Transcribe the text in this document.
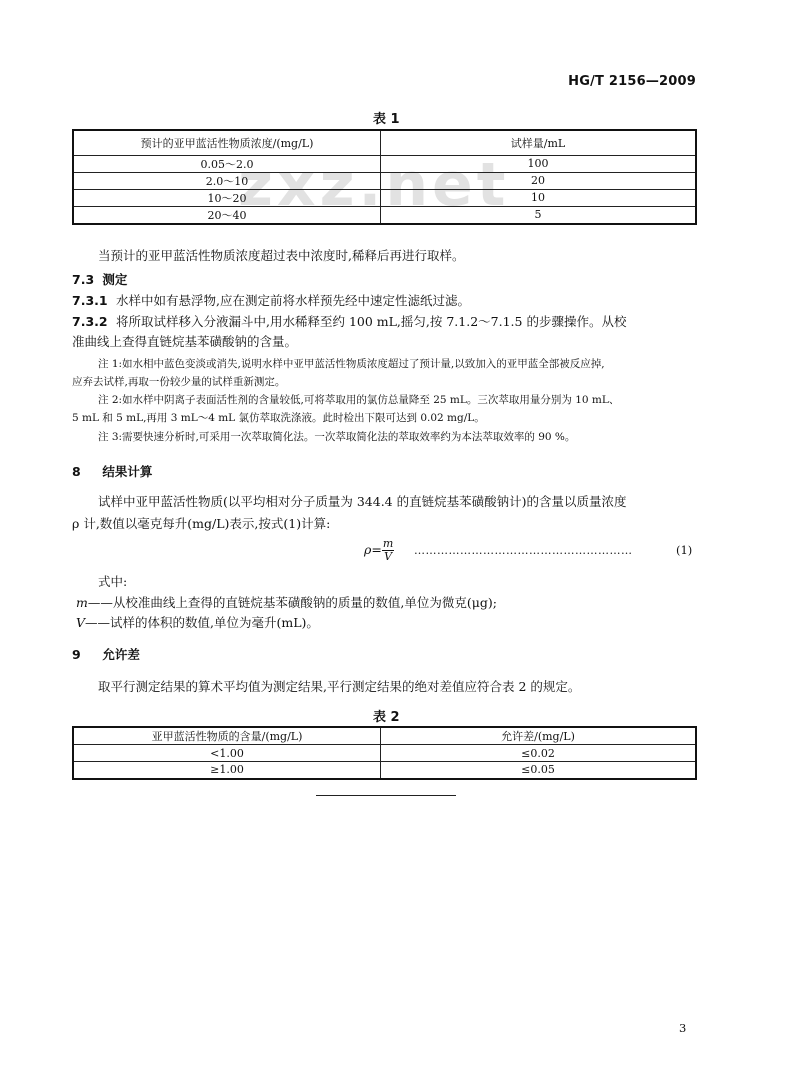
zxz.net
HG/T 2156—2009
表 1
预计的亚甲蓝活性物质浓度/(mg/L)	试样量/mL
0.05～2.0	100
2.0～10	20
10～20	10
20～40	5
当预计的亚甲蓝活性物质浓度超过表中浓度时,稀释后再进行取样。
7.3 测定
7.3.1 水样中如有悬浮物,应在测定前将水样预先经中速定性滤纸过滤。
7.3.2 将所取试样移入分液漏斗中,用水稀释至约 100 mL,摇匀,按 7.1.2～7.1.5 的步骤操作。从校
准曲线上查得直链烷基苯磺酸钠的含量。
注 1:如水相中蓝色变淡或消失,说明水样中亚甲蓝活性物质浓度超过了预计量,以致加入的亚甲蓝全部被反应掉,
应弃去试样,再取一份较少量的试样重新测定。
注 2:如水样中阴离子表面活性剂的含量较低,可将萃取用的氯仿总量降至 25 mL。三次萃取用量分别为 10 mL、
5 mL 和 5 mL,再用 3 mL～4 mL 氯仿萃取洗涤液。此时检出下限可达到 0.02 mg/L。
注 3:需要快速分析时,可采用一次萃取简化法。一次萃取简化法的萃取效率约为本法萃取效率的 90 %。
8 结果计算
试样中亚甲蓝活性物质(以平均相对分子质量为 344.4 的直链烷基苯磺酸钠计)的含量以质量浓度
ρ 计,数值以毫克每升(mg/L)表示,按式(1)计算:
$\rho= \frac{m}{V}$ …………………………………………………	(1)
式中:
m——从校准曲线上查得的直链烷基苯磺酸钠的质量的数值,单位为微克(μg);
V——试样的体积的数值,单位为毫升(mL)。
9 允许差
取平行测定结果的算术平均值为测定结果,平行测定结果的绝对差值应符合表 2 的规定。
表 2
亚甲蓝活性物质的含量/(mg/L)	允许差/(mg/L)
<1.00	≤0.02
≥1.00	≤0.05
3
